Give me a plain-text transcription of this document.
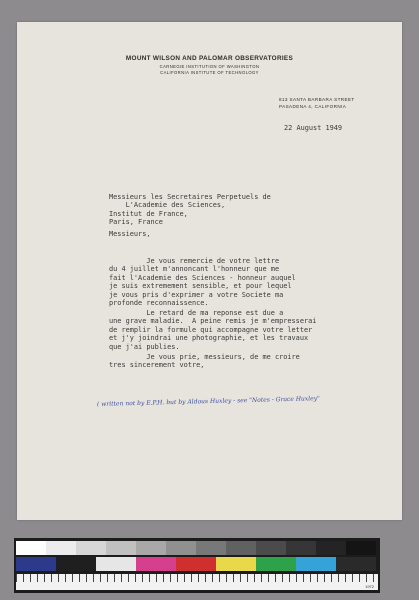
MOUNT WILSON AND PALOMAR OBSERVATORIES
CARNEGIE INSTITUTION OF WASHINGTON
CALIFORNIA INSTITUTE OF TECHNOLOGY
813 SANTA BARBARA STREET
PASADENA 4, CALIFORNIA
22 August 1949
Messieurs les Secretaires Perpetuels de
L'Academie des Sciences,
Institut de France,
Paris, France
Messieurs,
Je vous remercie de votre lettre
du 4 juillet m'annoncant l'honneur que me
fait l'Academie des Sciences - honneur auquel
je suis extremement sensible, et pour lequel
je vous pris d'exprimer a votre Societe ma
profonde reconnaissence.
Le retard de ma reponse est due a
une grave maladie.  A peine remis je m'empresserai
de remplir la formule qui accompagne votre letter
et j'y joindrai une photographie, et les travaux
que j'ai publies.
Je vous prie, messieurs, de me croire
tres sincerement votre,
( written not by E.P.H. but by Aldous Huxley - see "Notes - Grace Huxley"
1972
